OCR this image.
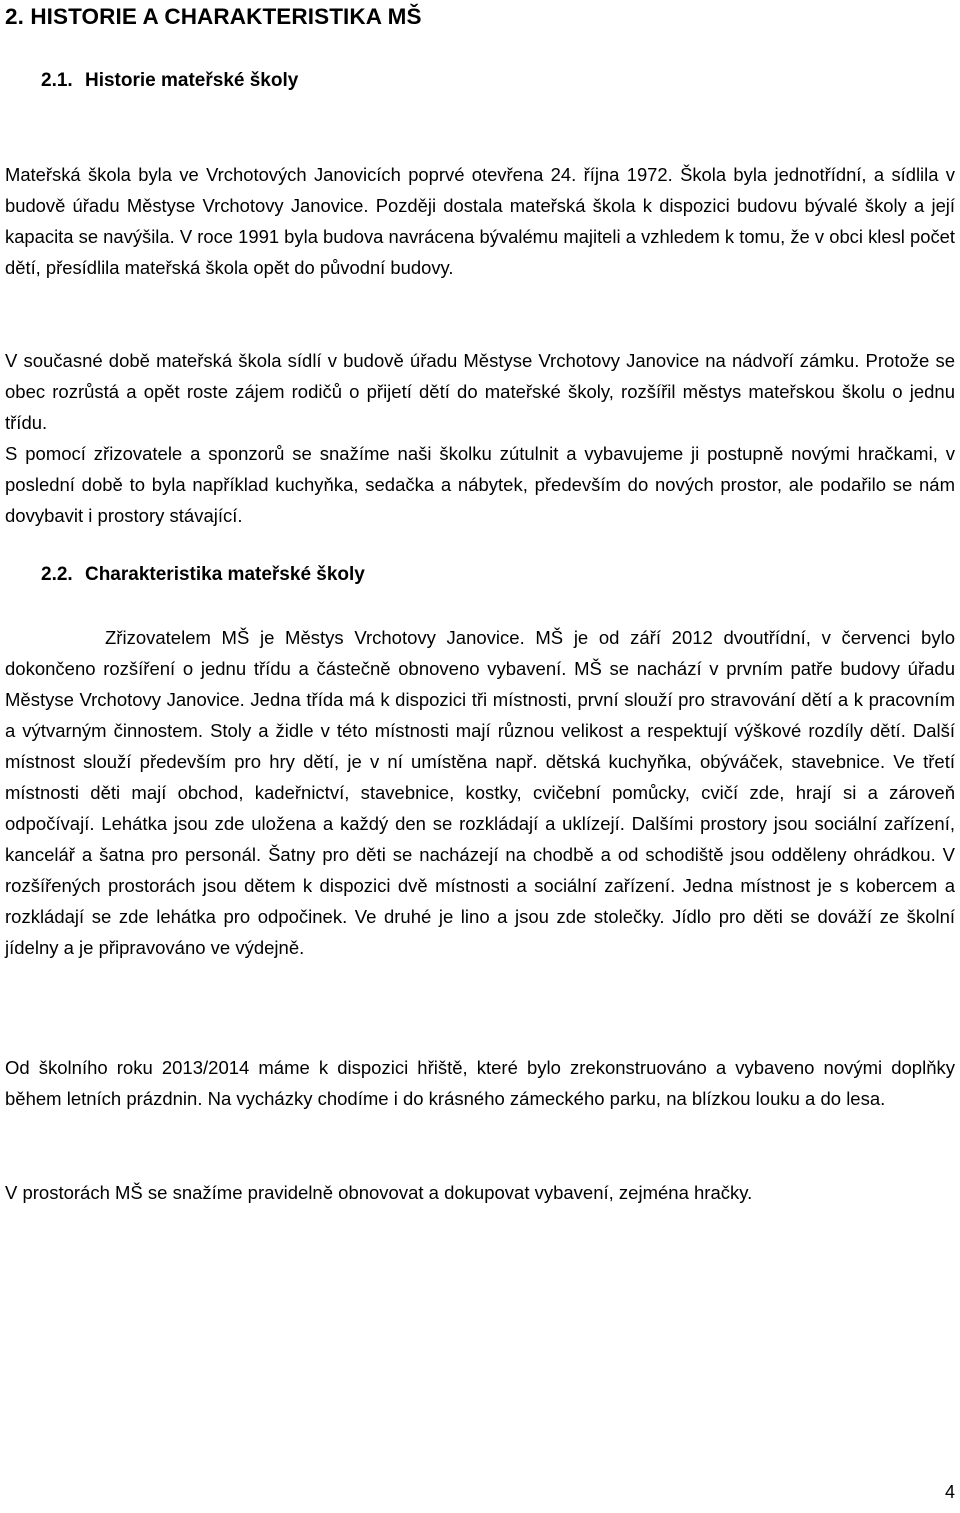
2. HISTORIE A CHARAKTERISTIKA MŠ
2.1. Historie mateřské školy

Mateřská škola byla ve Vrchotových Janovicích poprvé otevřena 24. října 1972. Škola byla jednotřídní, a sídlila v budově úřadu Městyse Vrchotovy Janovice. Později dostala mateřská škola k dispozici budovu bývalé školy a její kapacita se navýšila. V roce 1991 byla budova navrácena bývalému majiteli a vzhledem k tomu, že v obci klesl počet dětí, přesídlila mateřská škola opět do původní budovy.

V současné době mateřská škola sídlí v budově úřadu Městyse Vrchotovy Janovice na nádvoří zámku. Protože se obec rozrůstá a opět roste zájem rodičů o přijetí dětí do mateřské školy, rozšířil městys mateřskou školu o jednu třídu.

S pomocí zřizovatele a sponzorů se snažíme naši školku zútulnit a vybavujeme ji postupně novými hračkami, v poslední době to byla například kuchyňka, sedačka a nábytek, především do nových prostor, ale podařilo se nám dovybavit i prostory stávající.

2.2. Charakteristika mateřské školy

Zřizovatelem MŠ je Městys Vrchotovy Janovice. MŠ je od září 2012 dvoutřídní, v červenci bylo dokončeno rozšíření o jednu třídu a částečně obnoveno vybavení. MŠ se nachází v prvním patře budovy úřadu Městyse Vrchotovy Janovice. Jedna třída má k dispozici tři místnosti, první slouží pro stravování dětí a k pracovním a výtvarným činnostem. Stoly a židle v této místnosti mají různou velikost a respektují výškové rozdíly dětí. Další místnost slouží především pro hry dětí, je v ní umístěna např. dětská kuchyňka, obýváček, stavebnice. Ve třetí místnosti děti mají obchod, kadeřnictví, stavebnice, kostky, cvičební pomůcky, cvičí zde, hrají si a zároveň odpočívají. Lehátka jsou zde uložena a každý den se rozkládají a uklízejí. Dalšími prostory jsou sociální zařízení, kancelář a šatna pro personál. Šatny pro děti se nacházejí na chodbě a od schodiště jsou odděleny ohrádkou. V rozšířených prostorách jsou dětem k dispozici dvě místnosti a sociální zařízení. Jedna místnost je s kobercem a rozkládají se zde lehátka pro odpočinek. Ve druhé je lino a jsou zde stolečky. Jídlo pro děti se dováží ze školní jídelny a je připravováno ve výdejně.

Od školního roku 2013/2014 máme k dispozici hřiště, které bylo zrekonstruováno a vybaveno novými doplňky během letních prázdnin. Na vycházky chodíme i do krásného zámeckého parku, na blízkou louku a do lesa.

V prostorách MŠ se snažíme pravidelně obnovovat a dokupovat vybavení, zejména hračky.

4
